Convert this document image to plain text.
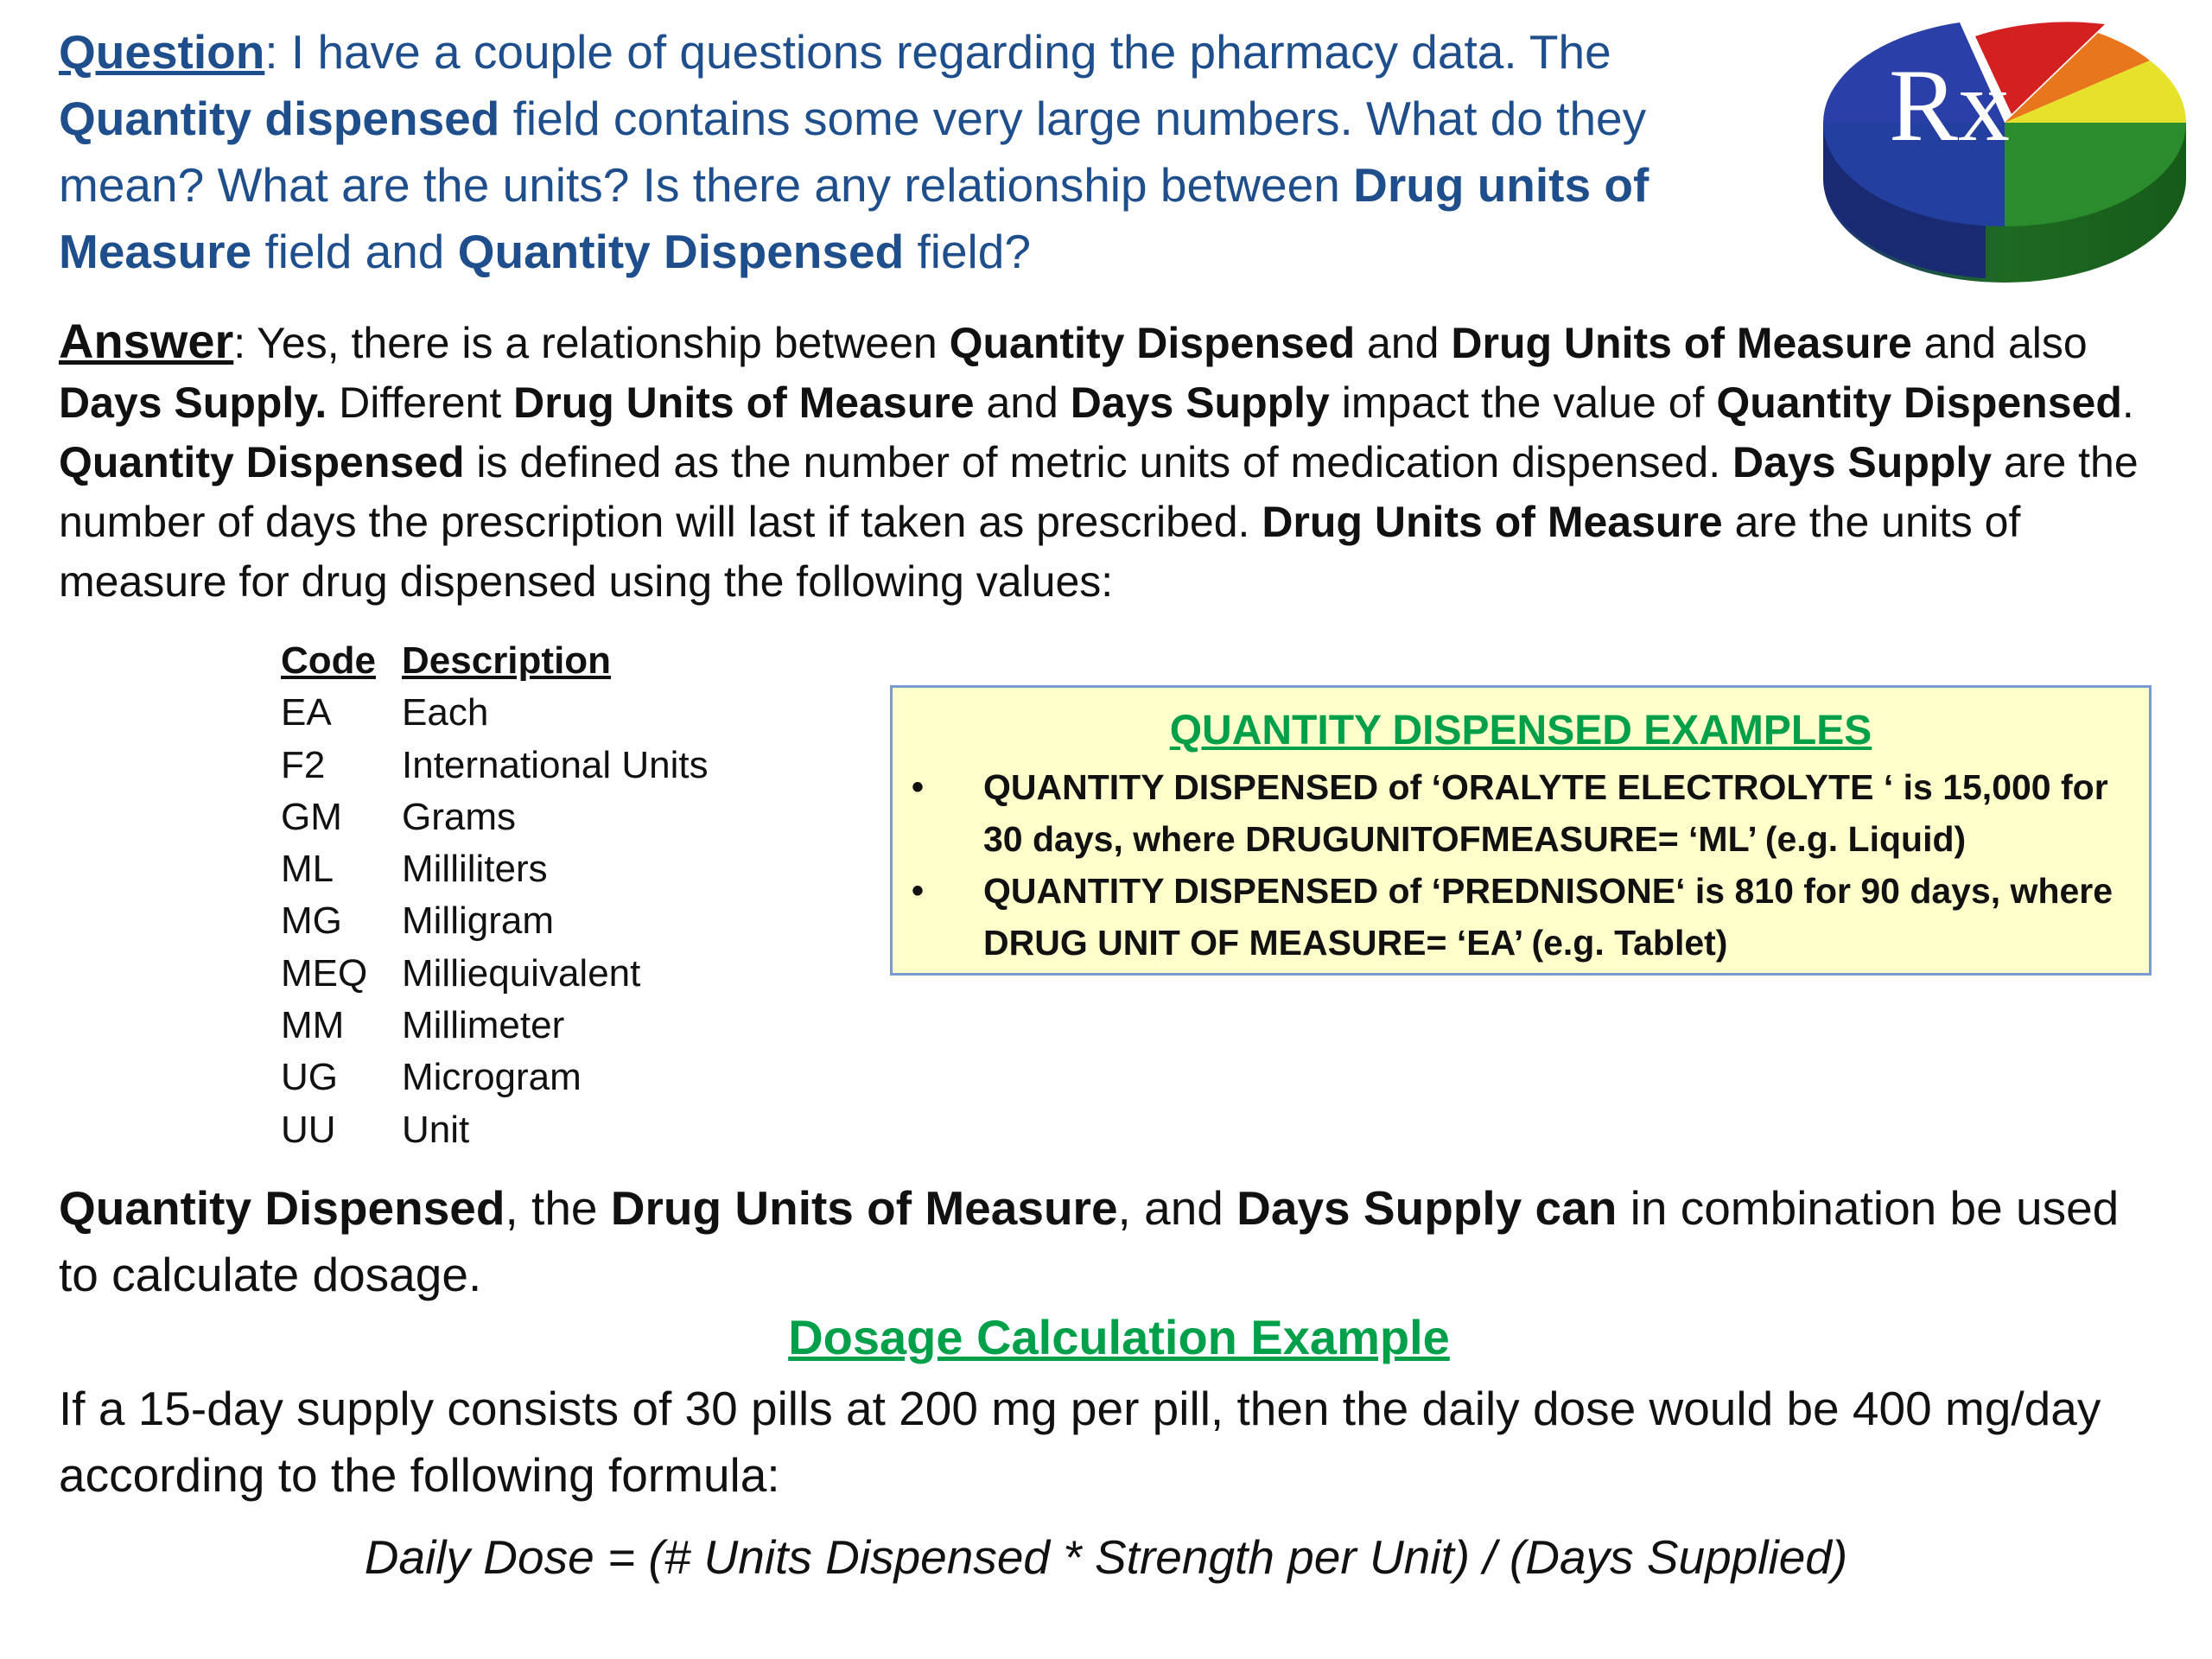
Question: I have a couple of questions regarding the pharmacy data. The Quantity dispensed field contains some very large numbers. What do they mean? What are the units? Is there any relationship between Drug units of Measure field and Quantity Dispensed field?
Rx
Answer: Yes, there is a relationship between Quantity Dispensed and Drug Units of Measure and also Days Supply. Different Drug Units of Measure and Days Supply impact the value of Quantity Dispensed. Quantity Dispensed is defined as the number of metric units of medication dispensed. Days Supply are the number of days the prescription will last if taken as prescribed. Drug Units of Measure are the units of measure for drug dispensed using the following values:
Code Description
EA Each
F2 International Units
GM Grams
ML Milliliters
MG Milligram
MEQ Milliequivalent
MM Millimeter
UG Microgram
UU Unit
QUANTITY DISPENSED EXAMPLES
• QUANTITY DISPENSED of ‘ORALYTE ELECTROLYTE ‘ is 15,000 for 30 days, where DRUGUNITOFMEASURE= ‘ML’ (e.g. Liquid)
• QUANTITY DISPENSED of ‘PREDNISONE‘ is 810 for 90 days, where DRUG UNIT OF MEASURE= ‘EA’ (e.g. Tablet)
Quantity Dispensed, the Drug Units of Measure, and Days Supply can in combination be used to calculate dosage.
Dosage Calculation Example
If a 15-day supply consists of 30 pills at 200 mg per pill, then the daily dose would be 400 mg/day according to the following formula:
Daily Dose = (# Units Dispensed * Strength per Unit) / (Days Supplied)
